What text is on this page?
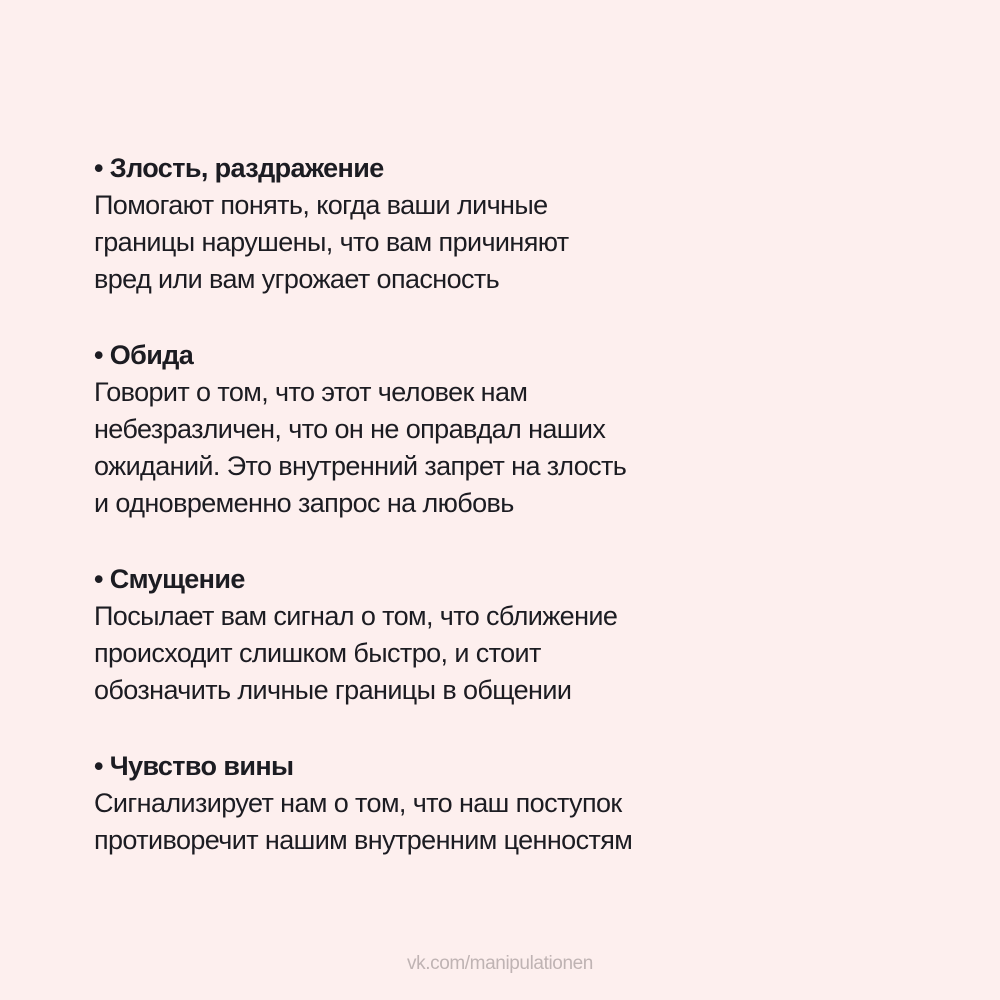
• Злость, раздражение
Помогают понять, когда ваши личные
границы нарушены, что вам причиняют
вред или вам угрожает опасность
• Обида
Говорит о том, что этот человек нам
небезразличен, что он не оправдал наших
ожиданий. Это внутренний запрет на злость
и одновременно запрос на любовь
• Смущение
Посылает вам сигнал о том, что сближение
происходит слишком быстро, и стоит
обозначить личные границы в общении
• Чувство вины
Сигнализирует нам о том, что наш поступок
противоречит нашим внутренним ценностям
vk.com/manipulationen
